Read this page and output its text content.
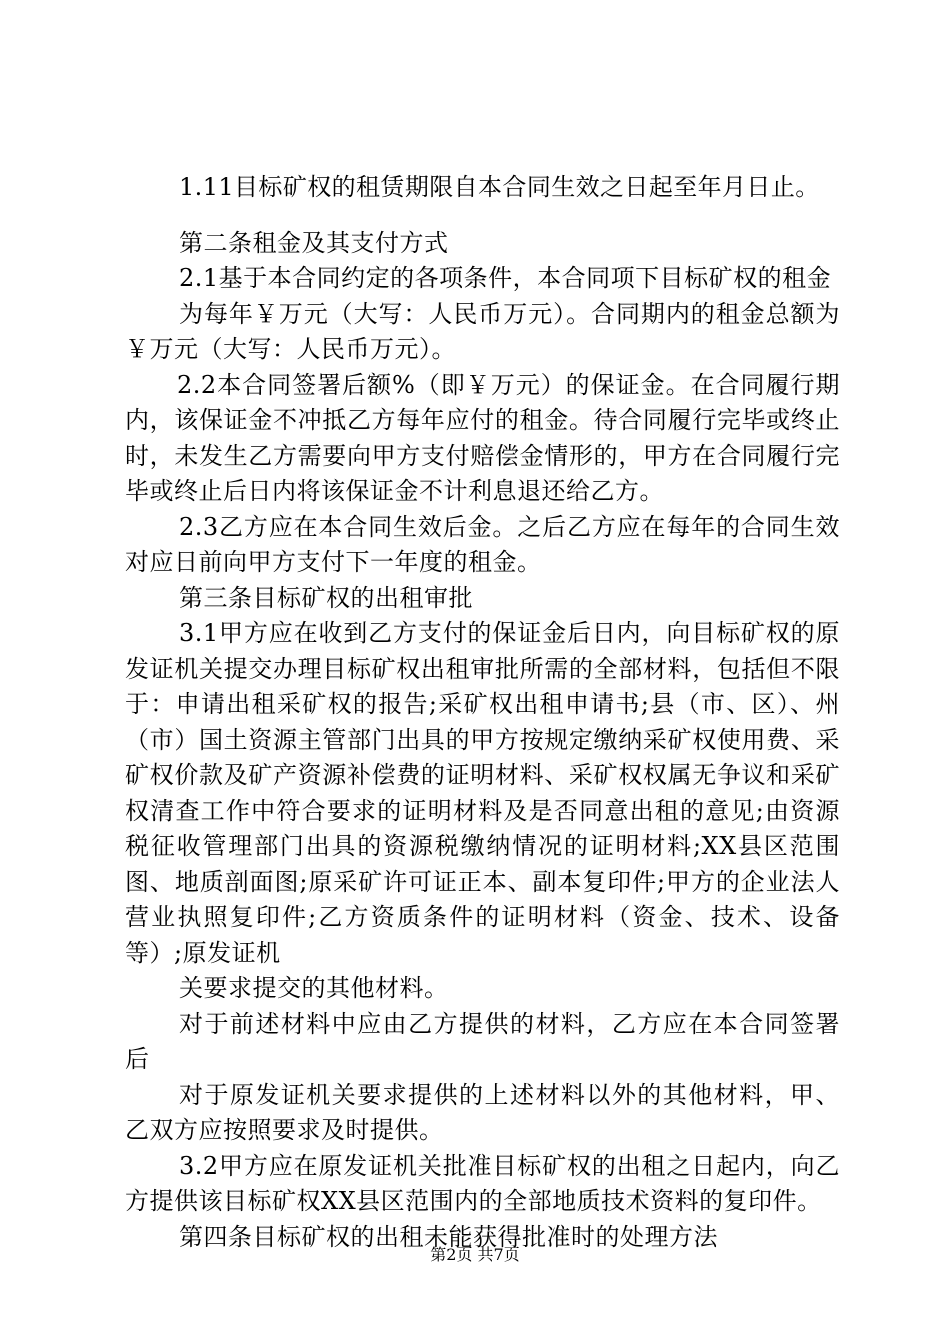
1.11目标矿权的租赁期限自本合同生效之日起至年月日止。

第二条租金及其支付方式

2.1基于本合同约定的各项条件，本合同项下目标矿权的租金

为每年￥万元（大写：人民币万元）。合同期内的租金总额为￥万元（大写：人民币万元）。

2.2本合同签署后额%（即￥万元）的保证金。在合同履行期内，该保证金不冲抵乙方每年应付的租金。待合同履行完毕或终止时，未发生乙方需要向甲方支付赔偿金情形的，甲方在合同履行完毕或终止后日内将该保证金不计利息退还给乙方。

2.3乙方应在本合同生效后金。之后乙方应在每年的合同生效对应日前向甲方支付下一年度的租金。

第三条目标矿权的出租审批

3.1甲方应在收到乙方支付的保证金后日内，向目标矿权的原发证机关提交办理目标矿权出租审批所需的全部材料，包括但不限于：申请出租采矿权的报告;采矿权出租申请书;县（市、区）、州（市）国土资源主管部门出具的甲方按规定缴纳采矿权使用费、采矿权价款及矿产资源补偿费的证明材料、采矿权权属无争议和采矿权清查工作中符合要求的证明材料及是否同意出租的意见;由资源税征收管理部门出具的资源税缴纳情况的证明材料;XX县区范围图、地质剖面图;原采矿许可证正本、副本复印件;甲方的企业法人营业执照复印件;乙方资质条件的证明材料（资金、技术、设备等）;原发证机

关要求提交的其他材料。

对于前述材料中应由乙方提供的材料，乙方应在本合同签署后

对于原发证机关要求提供的上述材料以外的其他材料，甲、乙双方应按照要求及时提供。

3.2甲方应在原发证机关批准目标矿权的出租之日起内，向乙方提供该目标矿权XX县区范围内的全部地质技术资料的复印件。

第四条目标矿权的出租未能获得批准时的处理方法

第2页 共7页
